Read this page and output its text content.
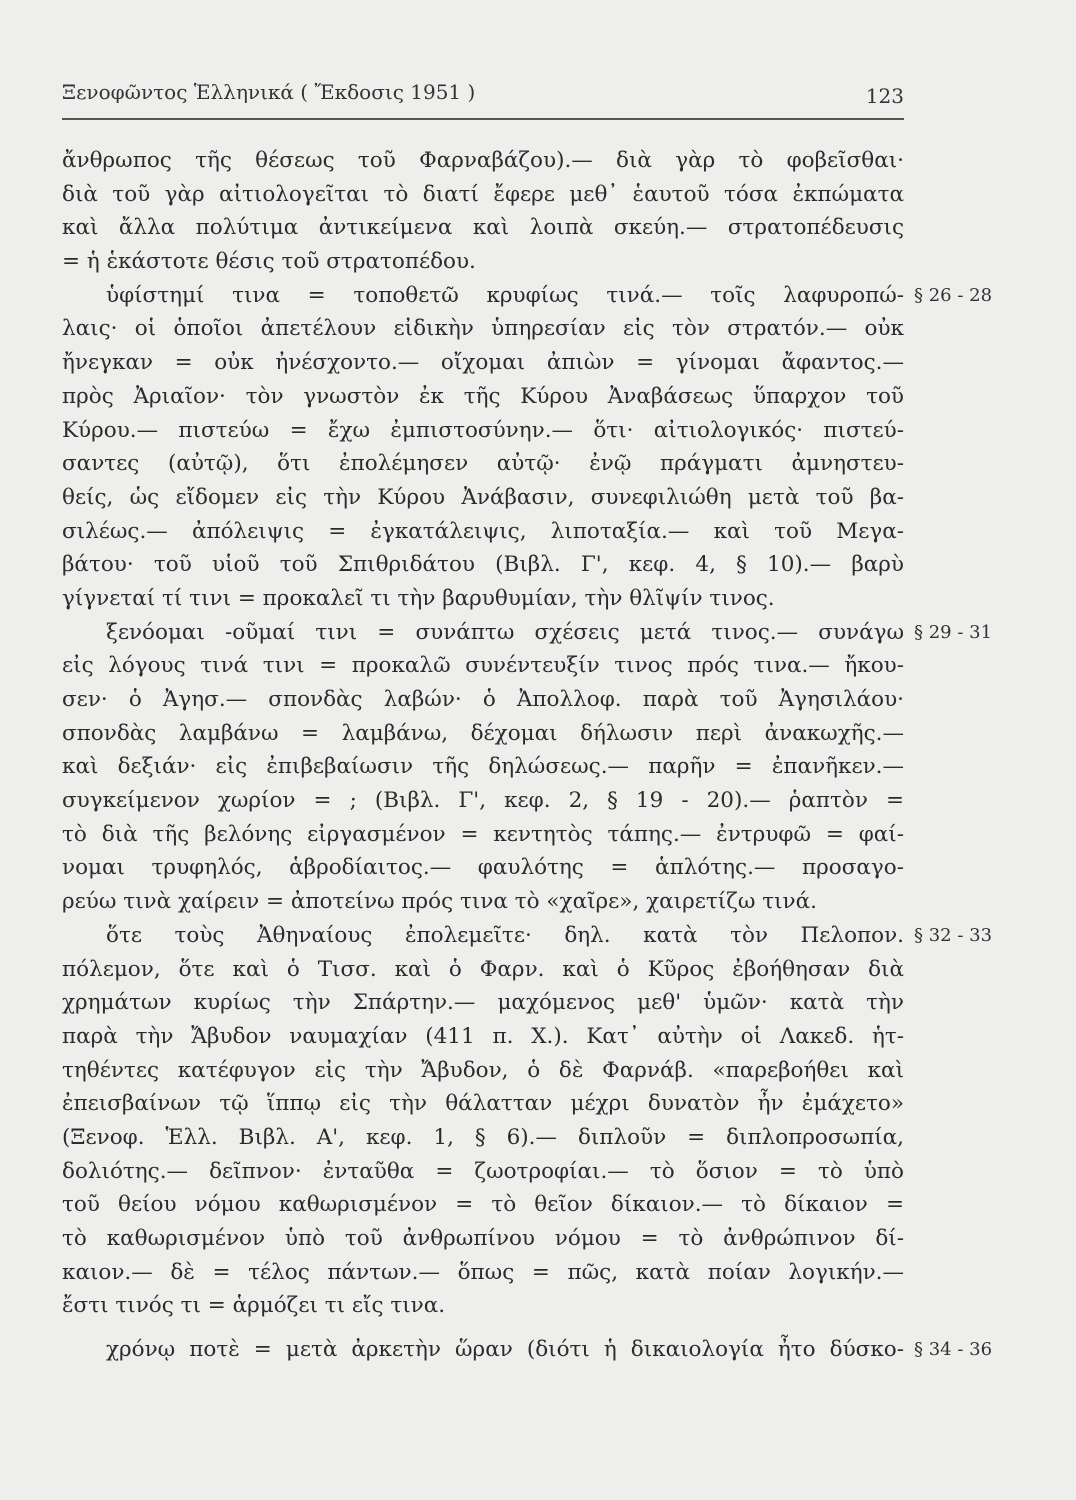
Ξενοφῶντος Ἑλληνικά ( Ἔκδοσις 1951 )	123
ἄνθρωπος τῆς θέσεως τοῦ Φαρναβάζου).— διὰ γὰρ τὸ φοβεῖσθαι·
διὰ τοῦ γὰρ αἰτιολογεῖται τὸ διατί ἔφερε μεθ᾽ ἑαυτοῦ τόσα ἐκπώματα
καὶ ἄλλα πολύτιμα ἀντικείμενα καὶ λοιπὰ σκεύη.— στρατοπέδευσις
= ἡ ἑκάστοτε θέσις τοῦ στρατοπέδου.
ὑφίστημί τινα = τοποθετῶ κρυφίως τινά.— τοῖς λαφυροπώ-
λαις· οἱ ὁποῖοι ἀπετέλουν εἰδικὴν ὑπηρεσίαν εἰς τὸν στρατόν.— οὐκ
ἤνεγκαν = οὐκ ἠνέσχοντο.— οἴχομαι ἀπιὼν = γίνομαι ἄφαντος.—
πρὸς Ἀριαῖον· τὸν γνωστὸν ἐκ τῆς Κύρου Ἀναβάσεως ὕπαρχον τοῦ
Κύρου.— πιστεύω = ἔχω ἐμπιστοσύνην.— ὅτι· αἰτιολογικός· πιστεύ-
σαντες (αὐτῷ), ὅτι ἐπολέμησεν αὐτῷ· ἐνῷ πράγματι ἀμνηστευ-
θείς, ὡς εἴδομεν εἰς τὴν Κύρου Ἀνάβασιν, συνεφιλιώθη μετὰ τοῦ βα-
σιλέως.— ἀπόλειψις = ἐγκατάλειψις, λιποταξία.— καὶ τοῦ Μεγα-
βάτου· τοῦ υἱοῦ τοῦ Σπιθριδάτου (Βιβλ. Γ', κεφ. 4, § 10).— βαρὺ
γίγνεταί τί τινι = προκαλεῖ τι τὴν βαρυθυμίαν, τὴν θλῖψίν τινος.
ξενόομαι -οῦμαί τινι = συνάπτω σχέσεις μετά τινος.— συνάγω
εἰς λόγους τινά τινι = προκαλῶ συνέντευξίν τινος πρός τινα.— ἤκου-
σεν· ὁ Ἀγησ.— σπονδὰς λαβών· ὁ Ἀπολλοφ. παρὰ τοῦ Ἀγησιλάου·
σπονδὰς λαμβάνω = λαμβάνω, δέχομαι δήλωσιν περὶ ἀνακωχῆς.—
καὶ δεξιάν· εἰς ἐπιβεβαίωσιν τῆς δηλώσεως.— παρῆν = ἐπανῆκεν.—
συγκείμενον χωρίον = ; (Βιβλ. Γ', κεφ. 2, § 19 - 20).— ῥαπτὸν =
τὸ διὰ τῆς βελόνης εἰργασμένον = κεντητὸς τάπης.— ἐντρυφῶ = φαί-
νομαι τρυφηλός, ἁβροδίαιτος.— φαυλότης = ἁπλότης.— προσαγο-
ρεύω τινὰ χαίρειν = ἀποτείνω πρός τινα τὸ «χαῖρε», χαιρετίζω τινά.
ὅτε τοὺς Ἀθηναίους ἐπολεμεῖτε· δηλ. κατὰ τὸν Πελοπον.
πόλεμον, ὅτε καὶ ὁ Τισσ. καὶ ὁ Φαρν. καὶ ὁ Κῦρος ἐβοήθησαν διὰ
χρημάτων κυρίως τὴν Σπάρτην.— μαχόμενος μεθ' ὑμῶν· κατὰ τὴν
παρὰ τὴν Ἄβυδον ναυμαχίαν (411 π. Χ.). Κατ᾽ αὐτὴν οἱ Λακεδ. ἡτ-
τηθέντες κατέφυγον εἰς τὴν Ἄβυδον, ὁ δὲ Φαρνάβ. «παρεβοήθει καὶ
ἐπεισβαίνων τῷ ἵππῳ εἰς τὴν θάλατταν μέχρι δυνατὸν ἦν ἐμάχετο»
(Ξενοφ. Ἑλλ. Βιβλ. Α', κεφ. 1, § 6).— διπλοῦν = διπλοπροσωπία,
δολιότης.— δεῖπνον· ἐνταῦθα = ζωοτροφίαι.— τὸ ὅσιον = τὸ ὑπὸ
τοῦ θείου νόμου καθωρισμένον = τὸ θεῖον δίκαιον.— τὸ δίκαιον =
τὸ καθωρισμένον ὑπὸ τοῦ ἀνθρωπίνου νόμου = τὸ ἀνθρώπινον δί-
καιον.— δὲ = τέλος πάντων.— ὅπως = πῶς, κατὰ ποίαν λογικήν.—
ἔστι τινός τι = ἁρμόζει τι εἴς τινα.
χρόνῳ ποτὲ = μετὰ ἀρκετὴν ὥραν (διότι ἡ δικαιολογία ἦτο δύσκο-
§ 26 - 28
§ 29 - 31
§ 32 - 33
§ 34 - 36
